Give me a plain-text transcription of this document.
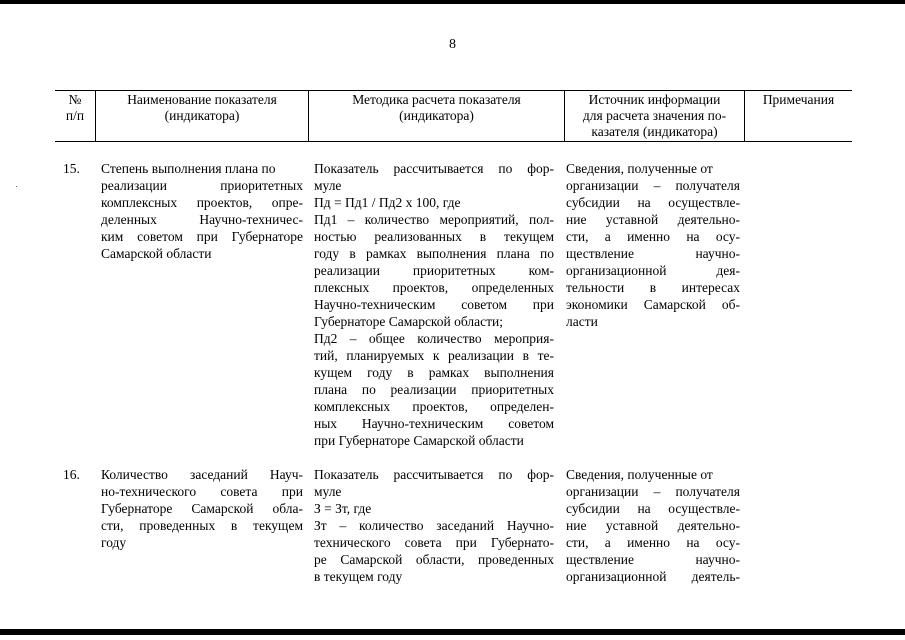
8
№
п/п
Наименование показателя
(индикатора)
Методика расчета показателя
(индикатора)
Источник информации
для расчета значения по-
казателя (индикатора)
Примечания
15.	Степень выполнения плана по
реализации приоритетных
комплексных проектов, опре-
деленных Научно-техничес-
ким советом при Губернаторе
Самарской области
Показатель рассчитывается по фор-
муле
Пд = Пд1 / Пд2 х 100, где
Пд1 – количество мероприятий, пол-
ностью реализованных в текущем
году в рамках выполнения плана по
реализации приоритетных ком-
плексных проектов, определенных
Научно-техническим советом при
Губернаторе Самарской области;
Пд2 – общее количество мероприя-
тий, планируемых к реализации в те-
кущем году в рамках выполнения
плана по реализации приоритетных
комплексных проектов, определен-
ных Научно-техническим советом
при Губернаторе Самарской области
Сведения, полученные от
организации – получателя
субсидии на осуществле-
ние уставной деятельно-
сти, а именно на осу-
ществление научно-
организационной дея-
тельности в интересах
экономики Самарской об-
ласти
16.	Количество заседаний Науч-
но-технического совета при
Губернаторе Самарской обла-
сти, проведенных в текущем
году
Показатель рассчитывается по фор-
муле
З = Зт, где
Зт – количество заседаний Научно-
технического совета при Губернато-
ре Самарской области, проведенных
в текущем году
Сведения, полученные от
организации – получателя
субсидии на осуществле-
ние уставной деятельно-
сти, а именно на осу-
ществление научно-
организационной деятель-
